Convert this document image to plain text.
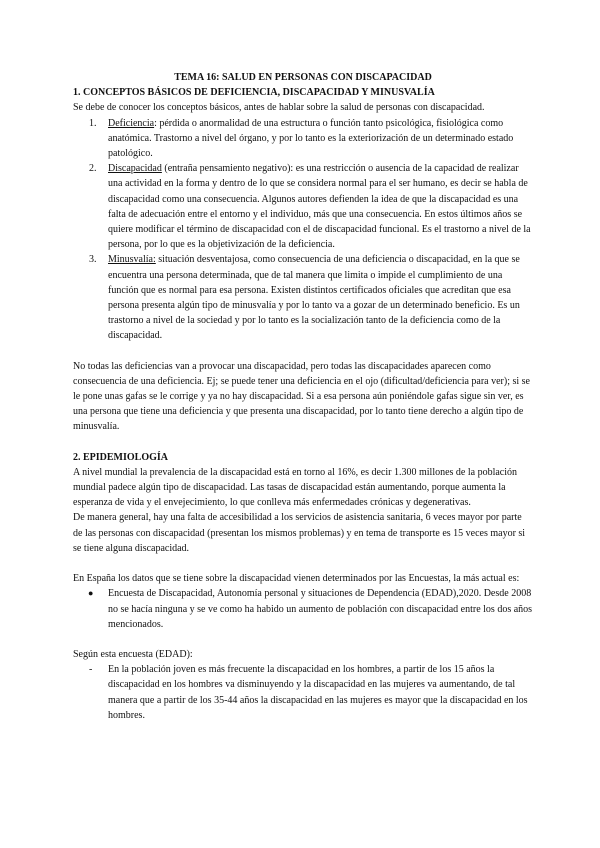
TEMA 16: SALUD EN PERSONAS CON DISCAPACIDAD

1. CONCEPTOS BÁSICOS DE DEFICIENCIA, DISCAPACIDAD Y MINUSVALÍA

Se debe de conocer los conceptos básicos, antes de hablar sobre la salud de personas con discapacidad.

1. Deficiencia: pérdida o anormalidad de una estructura o función tanto psicológica, fisiológica como anatómica. Trastorno a nivel del órgano, y por lo tanto es la exteriorización de un determinado estado patológico.
2. Discapacidad (entraña pensamiento negativo): es una restricción o ausencia de la capacidad de realizar una actividad en la forma y dentro de lo que se considera normal para el ser humano, es decir se habla de discapacidad como una consecuencia. Algunos autores defienden la idea de que la discapacidad es una falta de adecuación entre el entorno y el individuo, más que una consecuencia. En estos últimos años se quiere modificar el término de discapacidad con el de discapacidad funcional. Es el trastorno a nivel de la persona, por lo que es la objetivización de la deficiencia.
3. Minusvalía: situación desventajosa, como consecuencia de una deficiencia o discapacidad, en la que se encuentra una persona determinada, que de tal manera que limita o impide el cumplimiento de una función que es normal para esa persona. Existen distintos certificados oficiales que acreditan que esa persona presenta algún tipo de minusvalía y por lo tanto va a gozar de un determinado beneficio. Es un trastorno a nivel de la sociedad y por lo tanto es la socialización tanto de la deficiencia como de la discapacidad.

No todas las deficiencias van a provocar una discapacidad, pero todas las discapacidades aparecen como consecuencia de una deficiencia. Ej; se puede tener una deficiencia en el ojo (dificultad/deficiencia para ver); si se le pone unas gafas se le corrige y ya no hay discapacidad. Si a esa persona aún poniéndole gafas sigue sin ver, es una persona que tiene una deficiencia y que presenta una discapacidad, por lo tanto tiene derecho a algún tipo de minusvalía.

2. EPIDEMIOLOGÍA

A nivel mundial la prevalencia de la discapacidad está en torno al 16%, es decir 1.300 millones de la población mundial padece algún tipo de discapacidad. Las tasas de discapacidad están aumentando, porque aumenta la esperanza de vida y el envejecimiento, lo que conlleva más enfermedades crónicas y degenerativas.

De manera general, hay una falta de accesibilidad a los servicios de asistencia sanitaria, 6 veces mayor por parte de las personas con discapacidad (presentan los mismos problemas) y en tema de transporte es 15 veces mayor si se tiene alguna discapacidad.

En España los datos que se tiene sobre la discapacidad vienen determinados por las Encuestas, la más actual es:

● Encuesta de Discapacidad, Autonomía personal y situaciones de Dependencia (EDAD),2020. Desde 2008 no se hacía ninguna y se ve como ha habido un aumento de población con discapacidad entre los dos años mencionados.

Según esta encuesta (EDAD):

- En la población joven es más frecuente la discapacidad en los hombres, a partir de los 15 años la discapacidad en los hombres va disminuyendo y la discapacidad en las mujeres va aumentando, de tal manera que a partir de los 35-44 años la discapacidad en las mujeres es mayor que la discapacidad en los hombres.
